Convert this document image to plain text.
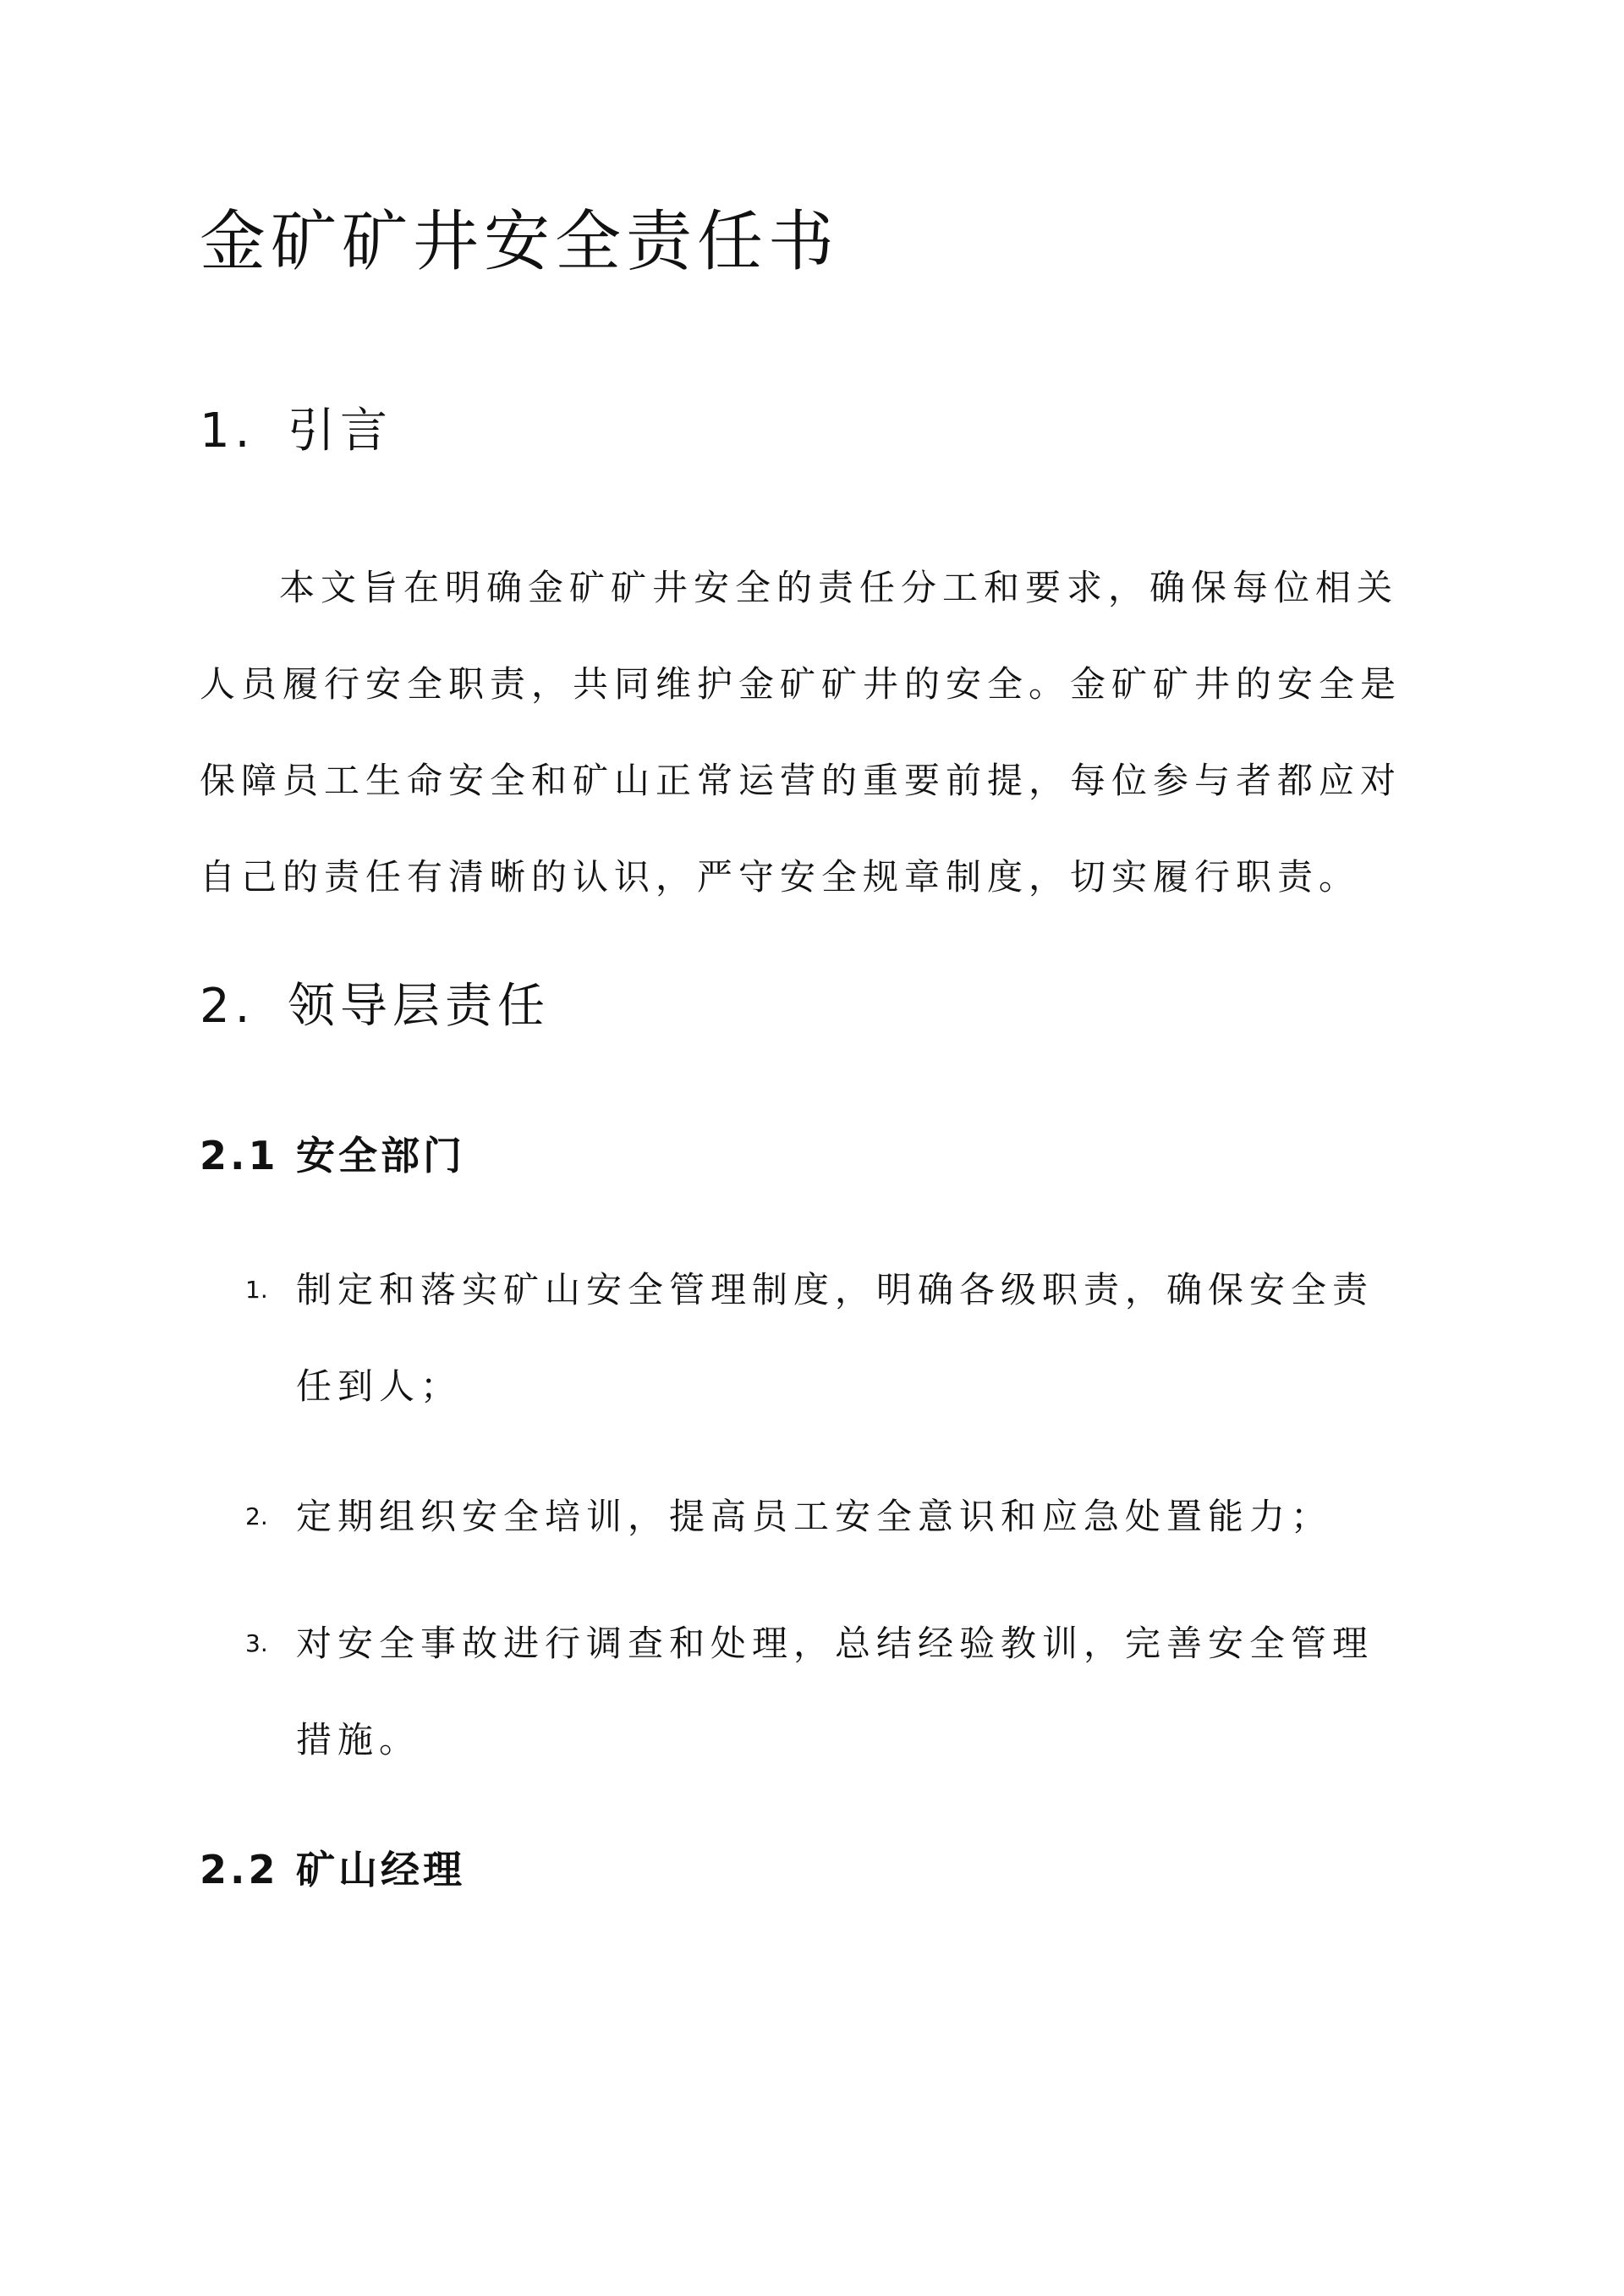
金矿矿井安全责任书
1. 引言

本文旨在明确金矿矿井安全的责任分工和要求，确保每位相关人员履行安全职责，共同维护金矿矿井的安全。金矿矿井的安全是保障员工生命安全和矿山正常运营的重要前提，每位参与者都应对自己的责任有清晰的认识，严守安全规章制度，切实履行职责。

2. 领导层责任
2.1 安全部门
1. 制定和落实矿山安全管理制度，明确各级职责，确保安全责任到人；
2. 定期组织安全培训，提高员工安全意识和应急处置能力；
3. 对安全事故进行调查和处理，总结经验教训，完善安全管理措施。
2.2 矿山经理
